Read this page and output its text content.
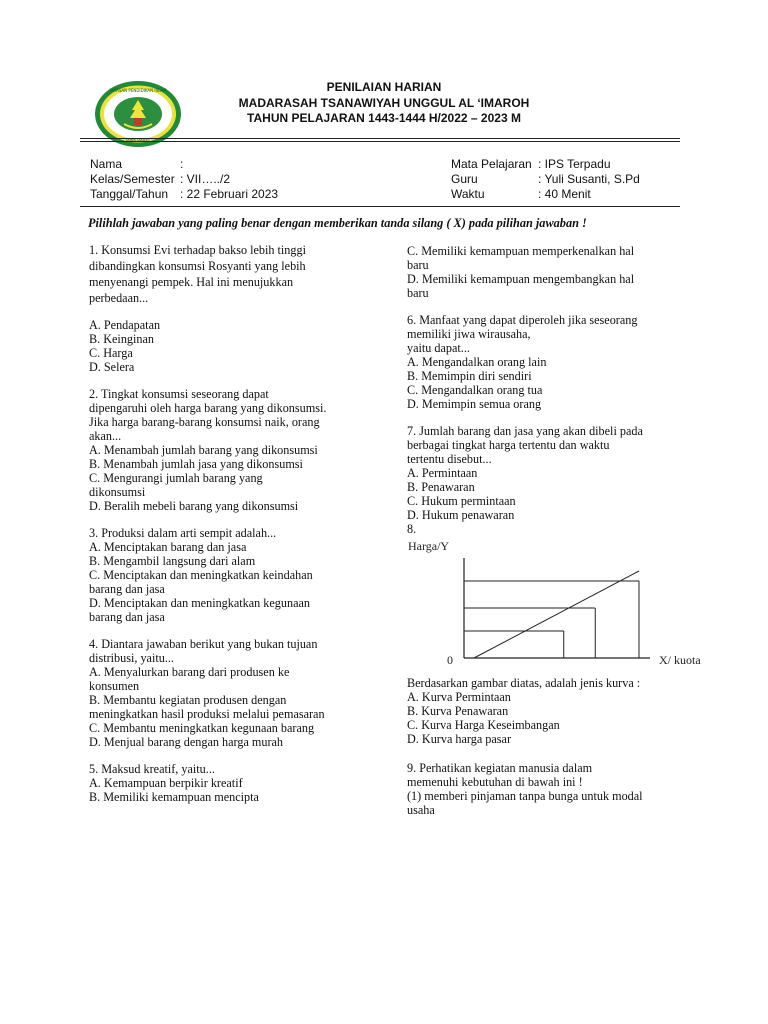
YAYASAN PENDIDIKAN ISLAM
JAWA BARAT
PENILAIAN HARIAN
MADARASAH TSANAWIYAH UNGGUL AL ‘IMAROH
TAHUN PELAJARAN 1443-1444 H/2022 – 2023 M
Nama	:
Kelas/Semester : VII…../2
Tanggal/Tahun : 22 Februari 2023
Mata Pelajaran : IPS Terpadu
Guru	: Yuli Susanti, S.Pd
Waktu	: 40 Menit
Pilihlah jawaban yang paling benar dengan memberikan tanda silang ( X) pada pilihan jawaban !

1. Konsumsi Evi terhadap bakso lebih tinggi

dibandingkan konsumsi Rosyanti yang lebih

menyenangi pempek. Hal ini menujukkan

perbedaan...

A. Pendapatan

B. Keinginan

C. Harga

D. Selera

2. Tingkat konsumsi seseorang dapat

dipengaruhi oleh harga barang yang dikonsumsi.

Jika harga barang-barang konsumsi naik, orang

akan...

A. Menambah jumlah barang yang dikonsumsi

B. Menambah jumlah jasa yang dikonsumsi

C. Mengurangi jumlah barang yang

dikonsumsi

D. Beralih mebeli barang yang dikonsumsi

3. Produksi dalam arti sempit adalah...

A. Menciptakan barang dan jasa

B. Mengambil langsung dari alam

C. Menciptakan dan meningkatkan keindahan

barang dan jasa

D. Menciptakan dan meningkatkan kegunaan

barang dan jasa

4. Diantara jawaban berikut yang bukan tujuan

distribusi, yaitu...

A. Menyalurkan barang dari produsen ke

konsumen

B. Membantu kegiatan produsen dengan

meningkatkan hasil produksi melalui pemasaran

C. Membantu meningkatkan kegunaan barang

D. Menjual barang dengan harga murah

5. Maksud kreatif, yaitu...

A. Kemampuan berpikir kreatif

B. Memiliki kemampuan mencipta

C. Memiliki kemampuan memperkenalkan hal

baru

D. Memiliki kemampuan mengembangkan hal

baru

6. Manfaat yang dapat diperoleh jika seseorang

memiliki jiwa wirausaha,

yaitu dapat...

A. Mengandalkan orang lain

B. Memimpin diri sendiri

C. Mengandalkan orang tua

D. Memimpin semua orang

7. Jumlah barang dan jasa yang akan dibeli pada

berbagai tingkat harga tertentu dan waktu

tertentu disebut...

A. Permintaan

B. Penawaran

C. Hukum permintaan

D. Hukum penawaran

8.

Harga/Y
0	X/ kuota

Berdasarkan gambar diatas, adalah jenis kurva :

A. Kurva Permintaan

B. Kurva Penawaran

C. Kurva Harga Keseimbangan

D. Kurva harga pasar

9. Perhatikan kegiatan manusia dalam

memenuhi kebutuhan di bawah ini !

(1) memberi pinjaman tanpa bunga untuk modal

usaha
